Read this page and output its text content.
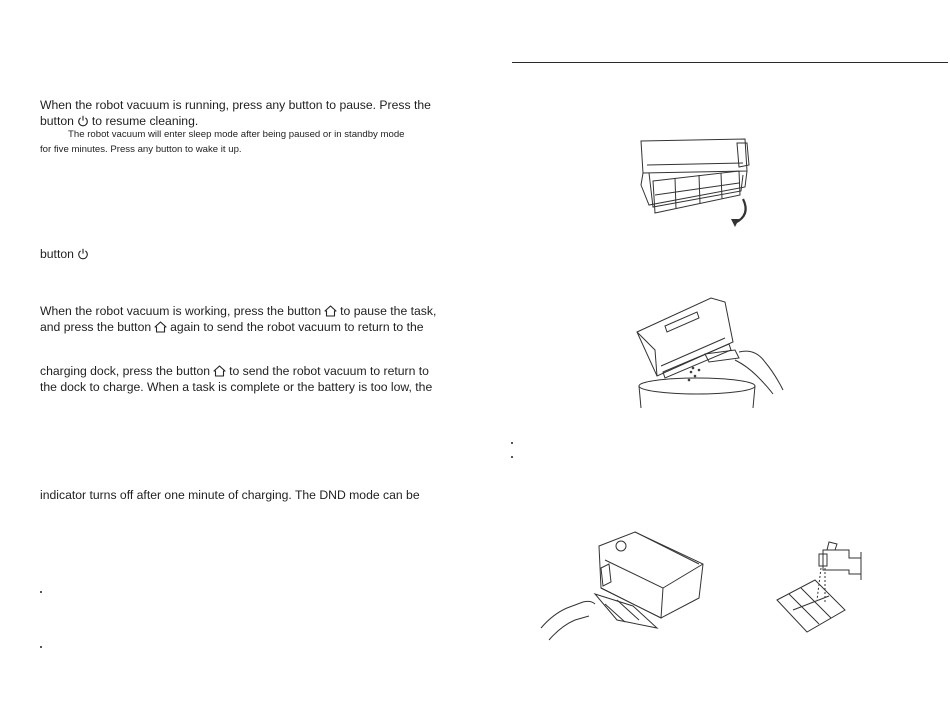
When the robot vacuum is running, press any button to pause. Press the

button to resume cleaning.

The robot vacuum will enter sleep mode after being paused or in standby mode

for five minutes. Press any button to wake it up.

button

When the robot vacuum is working, press the button to pause the task,

and press the button again to send the robot vacuum to return to the

charging dock, press the button to send the robot vacuum to return to

the dock to charge. When a task is complete or the battery is too low, the

indicator turns off after one minute of charging. The DND mode can be
